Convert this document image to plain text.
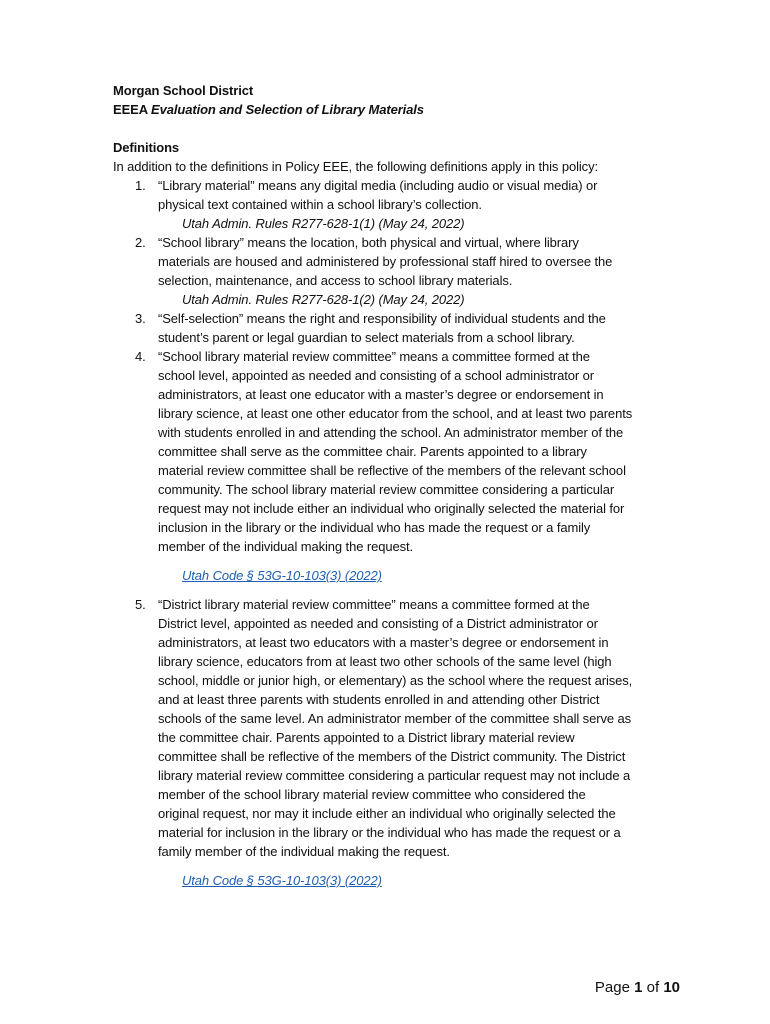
Morgan School District
EEEA Evaluation and Selection of Library Materials
Definitions
In addition to the definitions in Policy EEE, the following definitions apply in this policy:
1. “Library material” means any digital media (including audio or visual media) or
physical text contained within a school library’s collection.
Utah Admin. Rules R277-628-1(1) (May 24, 2022)
2. “School library” means the location, both physical and virtual, where library
materials are housed and administered by professional staff hired to oversee the
selection, maintenance, and access to school library materials.
Utah Admin. Rules R277-628-1(2) (May 24, 2022)
3. “Self-selection” means the right and responsibility of individual students and the
student’s parent or legal guardian to select materials from a school library.
4. “School library material review committee” means a committee formed at the
school level, appointed as needed and consisting of a school administrator or
administrators, at least one educator with a master’s degree or endorsement in
library science, at least one other educator from the school, and at least two parents
with students enrolled in and attending the school. An administrator member of the
committee shall serve as the committee chair. Parents appointed to a library
material review committee shall be reflective of the members of the relevant school
community. The school library material review committee considering a particular
request may not include either an individual who originally selected the material for
inclusion in the library or the individual who has made the request or a family
member of the individual making the request.
Utah Code § 53G-10-103(3) (2022)
5. “District library material review committee” means a committee formed at the
District level, appointed as needed and consisting of a District administrator or
administrators, at least two educators with a master’s degree or endorsement in
library science, educators from at least two other schools of the same level (high
school, middle or junior high, or elementary) as the school where the request arises,
and at least three parents with students enrolled in and attending other District
schools of the same level. An administrator member of the committee shall serve as
the committee chair. Parents appointed to a District library material review
committee shall be reflective of the members of the District community. The District
library material review committee considering a particular request may not include a
member of the school library material review committee who considered the
original request, nor may it include either an individual who originally selected the
material for inclusion in the library or the individual who has made the request or a
family member of the individual making the request.
Utah Code § 53G-10-103(3) (2022)
Page 1 of 10
